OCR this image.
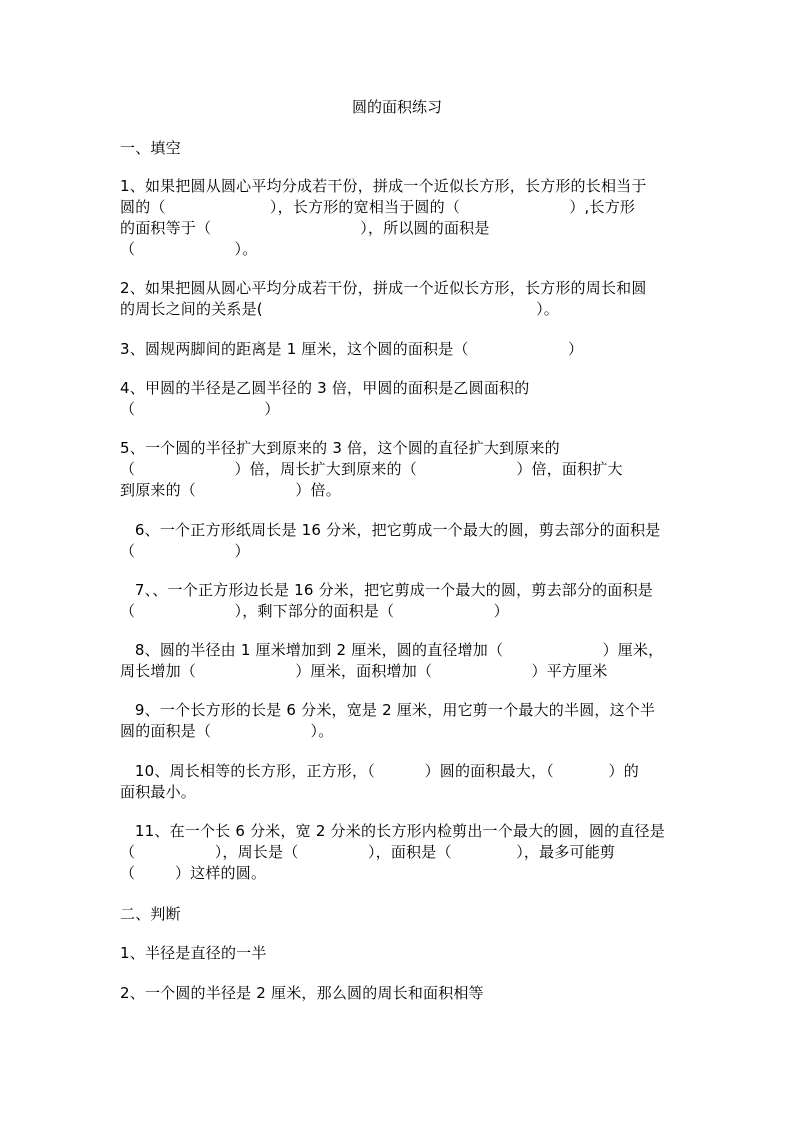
圆的面积练习
一、填空
1、如果把圆从圆心平均分成若干份，拼成一个近似长方形，长方形的长相当于
圆的（                     ），长方形的宽相当于圆的（                      ）,长方形
的面积等于（                              ），所以圆的面积是
（                    ）。
2、如果把圆从圆心平均分成若干份，拼成一个近似长方形，长方形的周长和圆
的周长之间的关系是(                                                       ）。
3、圆规两脚间的距离是 1 厘米，这个圆的面积是（                    ）
4、甲圆的半径是乙圆半径的 3 倍，甲圆的面积是乙圆面积的
（                          ）
5、一个圆的半径扩大到原来的 3 倍，这个圆的直径扩大到原来的
（                    ）倍，周长扩大到原来的（                    ）倍，面积扩大
到原来的（                    ）倍。
6、一个正方形纸周长是 16 分米，把它剪成一个最大的圆，剪去部分的面积是
（                    ）
7、、一个正方形边长是 16 分米，把它剪成一个最大的圆，剪去部分的面积是
（                    ），剩下部分的面积是（                    ）
8、圆的半径由 1 厘米增加到 2 厘米，圆的直径增加（                    ）厘米，
周长增加（                    ）厘米，面积增加（                    ）平方厘米
9、一个长方形的长是 6 分米，宽是 2 厘米，用它剪一个最大的半圆，这个半
圆的面积是（                    ）。
10、周长相等的长方形，正方形，（          ）圆的面积最大，（           ）的
面积最小。
11、在一个长 6 分米，宽 2 分米的长方形内检剪出一个最大的圆，圆的直径是
（                ），周长是（              ），面积是（             ），最多可能剪
（        ）这样的圆。
二、判断
1、半径是直径的一半
2、一个圆的半径是 2 厘米，那么圆的周长和面积相等
